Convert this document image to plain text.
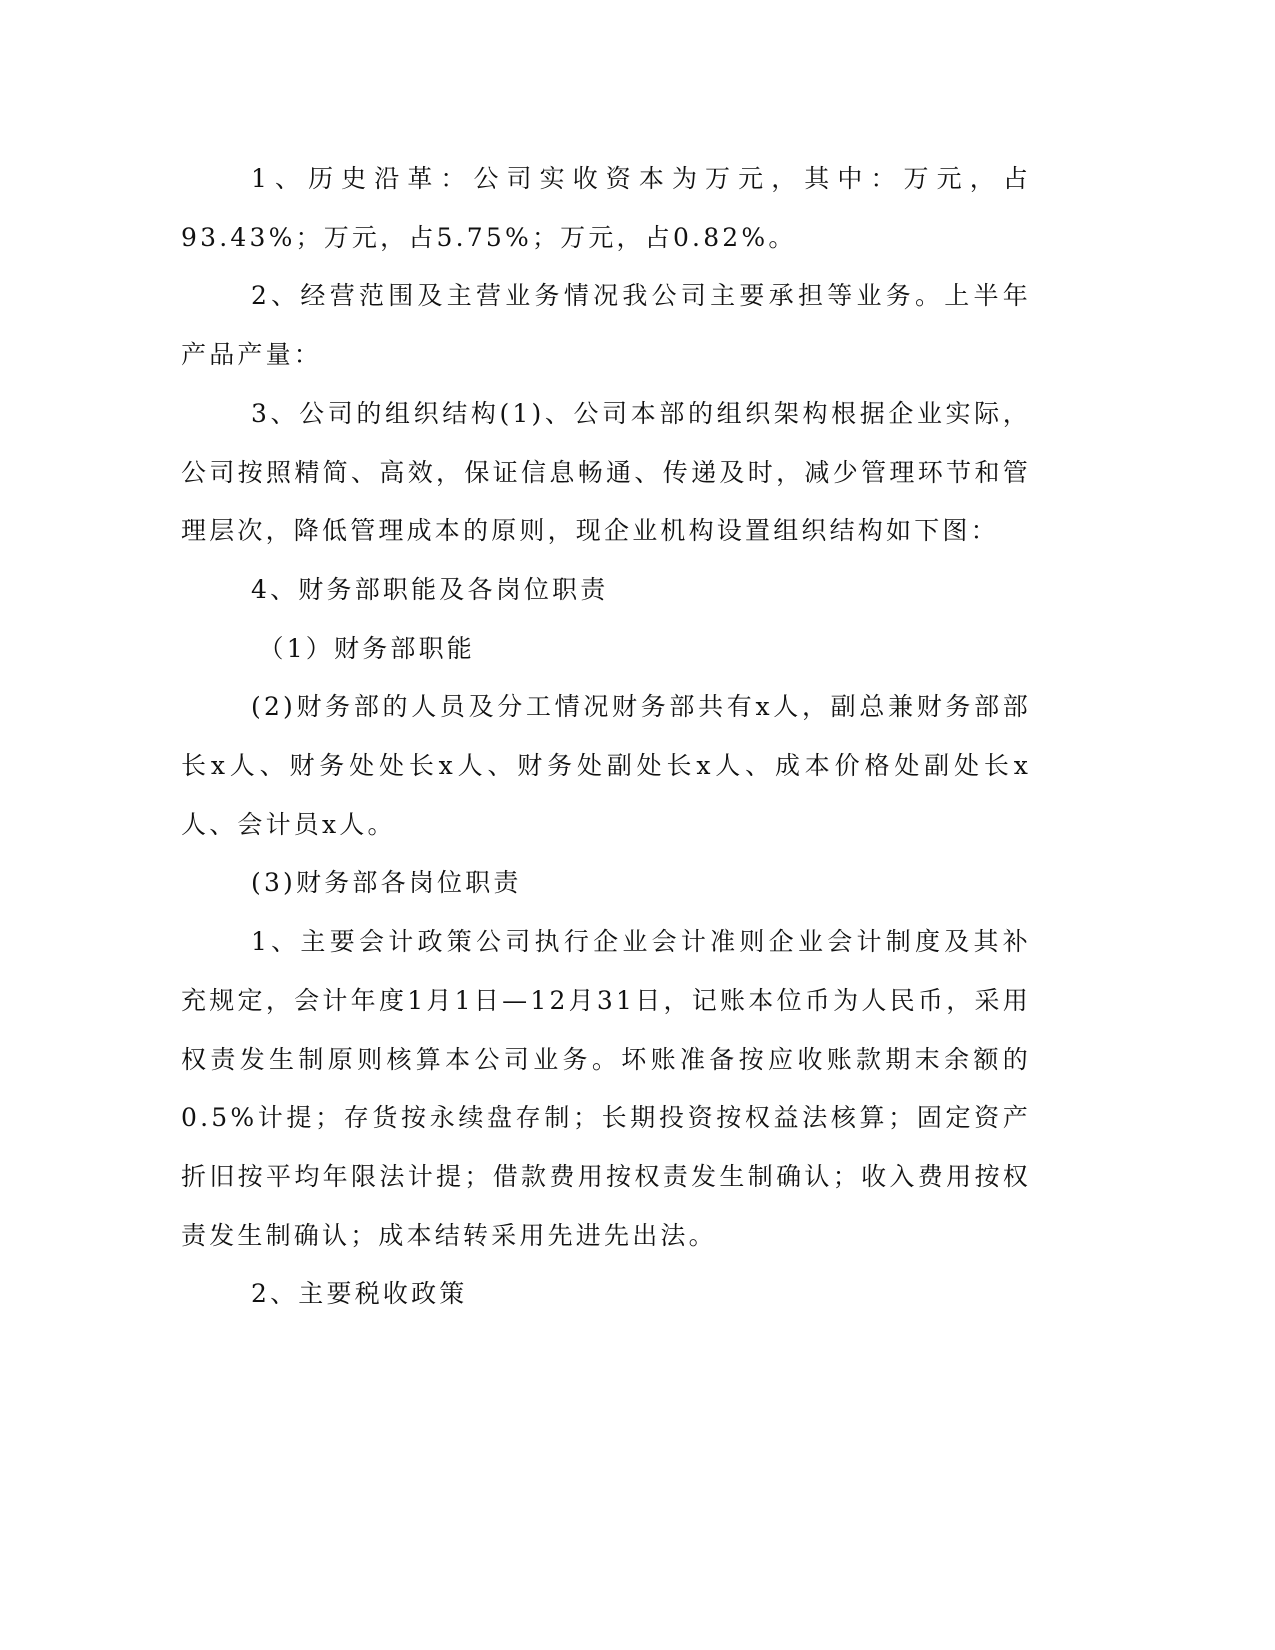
1、历史沿革：公司实收资本为万元，其中：万元，占93.43%；万元，占5.75%；万元，占0.82%。

2、经营范围及主营业务情况我公司主要承担等业务。上半年产品产量：

3、公司的组织结构(1)、公司本部的组织架构根据企业实际，公司按照精简、高效，保证信息畅通、传递及时，减少管理环节和管理层次，降低管理成本的原则，现企业机构设置组织结构如下图：

4、财务部职能及各岗位职责

（1）财务部职能

(2)财务部的人员及分工情况财务部共有x人，副总兼财务部部长x人、财务处处长x人、财务处副处长x人、成本价格处副处长x人、会计员x人。

(3)财务部各岗位职责

1、主要会计政策公司执行企业会计准则企业会计制度及其补充规定，会计年度1月1日—12月31日，记账本位币为人民币，采用权责发生制原则核算本公司业务。坏账准备按应收账款期末余额的0.5%计提；存货按永续盘存制；长期投资按权益法核算；固定资产折旧按平均年限法计提；借款费用按权责发生制确认；收入费用按权责发生制确认；成本结转采用先进先出法。

2、主要税收政策
